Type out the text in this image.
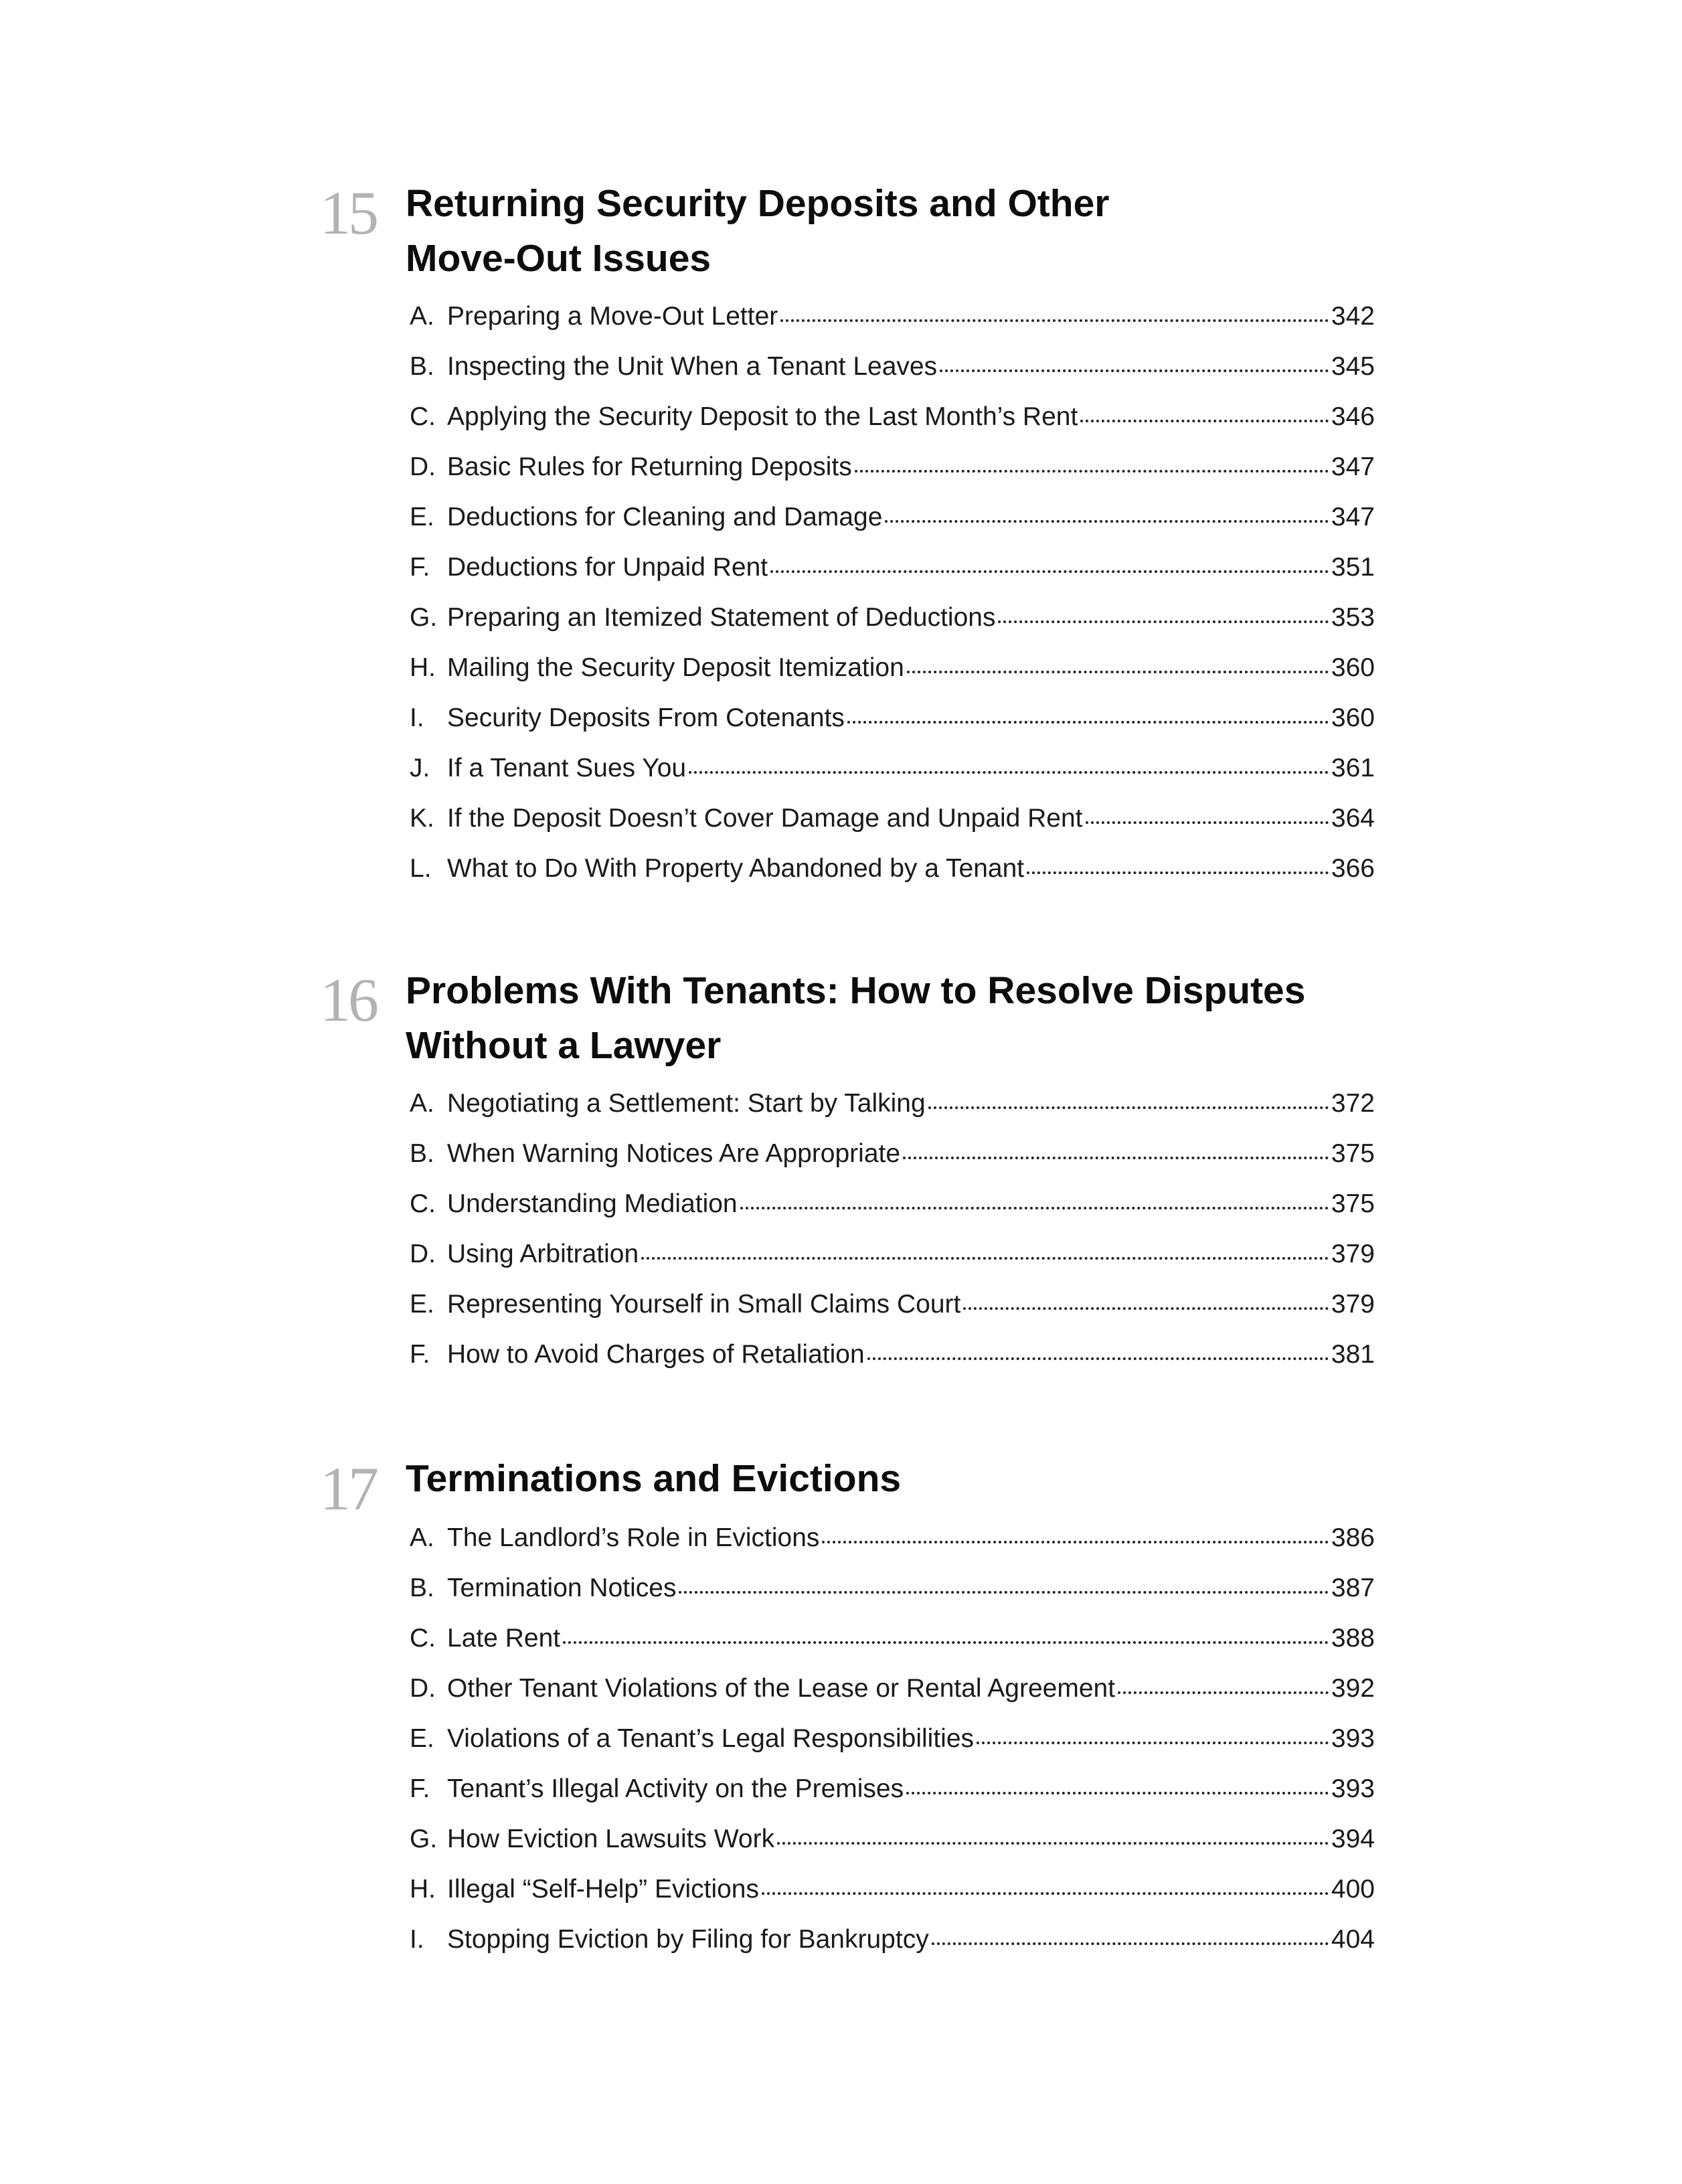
15 Returning Security Deposits and Other
Move-Out Issues
A. Preparing a Move-Out Letter	342
B. Inspecting the Unit When a Tenant Leaves	345
C. Applying the Security Deposit to the Last Month’s Rent	346
D. Basic Rules for Returning Deposits	347
E. Deductions for Cleaning and Damage	347
F. Deductions for Unpaid Rent	351
G. Preparing an Itemized Statement of Deductions	353
H. Mailing the Security Deposit Itemization	360
I. Security Deposits From Cotenants	360
J. If a Tenant Sues You	361
K. If the Deposit Doesn’t Cover Damage and Unpaid Rent	364
L. What to Do With Property Abandoned by a Tenant	366
16 Problems With Tenants: How to Resolve Disputes
Without a Lawyer
A. Negotiating a Settlement: Start by Talking	372
B. When Warning Notices Are Appropriate	375
C. Understanding Mediation	375
D. Using Arbitration	379
E. Representing Yourself in Small Claims Court	379
F. How to Avoid Charges of Retaliation	381
17 Terminations and Evictions
A. The Landlord’s Role in Evictions	386
B. Termination Notices	387
C. Late Rent	388
D. Other Tenant Violations of the Lease or Rental Agreement	392
E. Violations of a Tenant’s Legal Responsibilities	393
F. Tenant’s Illegal Activity on the Premises	393
G. How Eviction Lawsuits Work	394
H. Illegal “Self-Help” Evictions	400
I. Stopping Eviction by Filing for Bankruptcy	404
